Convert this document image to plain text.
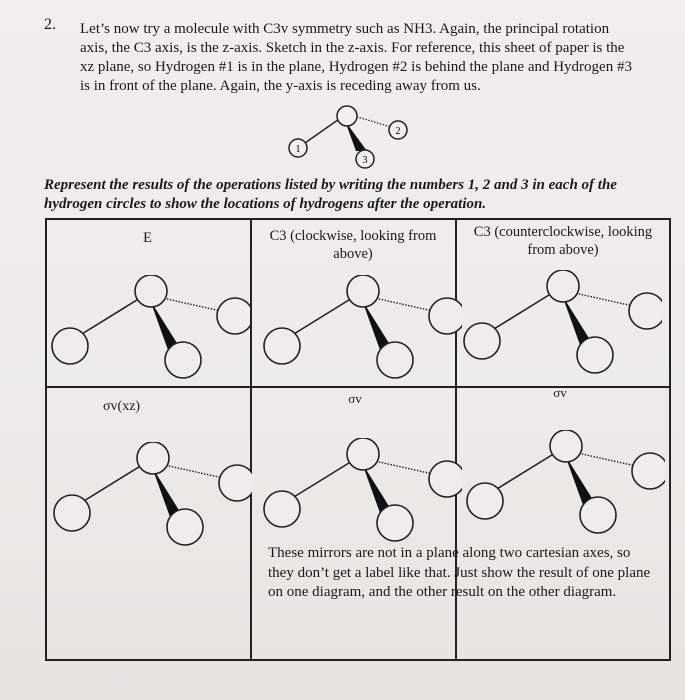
2. Let’s now try a molecule with C3v symmetry such as NH3. Again, the principal rotation axis, the C3 axis, is the z-axis. Sketch in the z-axis. For reference, this sheet of paper is the xz plane, so Hydrogen #1 is in the plane, Hydrogen #2 is behind the plane and Hydrogen #3 is in front of the plane. Again, the y-axis is receding away from us.

1
2
3
Represent the results of the operations listed by writing the numbers 1, 2 and 3 in each of the hydrogen circles to show the locations of hydrogens after the operation.
E	C3 (clockwise, looking from above)
C3 (counterclockwise, looking from above)
σv(xz)
σv	σv
These mirrors are not in a plane along two cartesian axes, so they don’t get a label like that. Just show the result of one plane on one diagram, and the other result on the other diagram.
